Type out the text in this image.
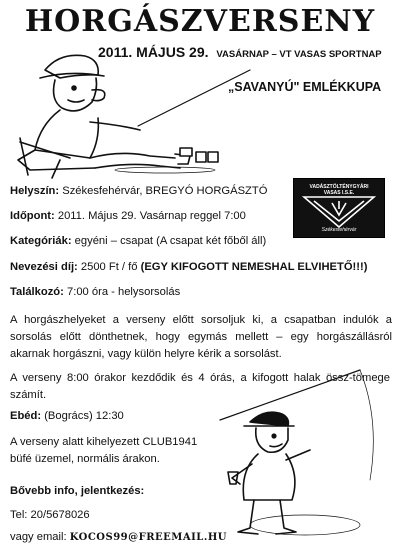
HORGÁSZVERSENY
2011. MÁJUS 29. VASÁRNAP – VT VASAS SPORTNAP
„SAVANYÚ" EMLÉKKUPA
VADÁSZTÖLTÉNYGYÁRI
VASAS I.S.E.
Székesfehérvár
Helyszín: Székesfehérvár, BREGYÓ HORGÁSZTÓ
Időpont: 2011. Május 29. Vasárnap reggel 7:00
Kategóriák: egyéni – csapat (A csapat két főből áll)
Nevezési díj: 2500 Ft / fő (EGY KIFOGOTT NEMESHAL ELVIHETŐ!!!)
Találkozó: 7:00 óra - helysorsolás
A horgászhelyeket a verseny előtt sorsoljuk ki, a csapatban indulók a sorsolás előtt dönthetnek, hogy egymás mellett – egy horgászállásról akarnak horgászni, vagy külön helyre kérik a sorsolást.
A verseny 8:00 órakor kezdődik és 4 órás, a kifogott halak össz-tömege számít.
Ebéd: (Bogrács) 12:30
A verseny alatt kihelyezett CLUB1941 büfé üzemel, normális árakon.
Bővebb info, jelentkezés:
Tel: 20/5678026
vagy email: KOCOS99@FREEMAIL.HU
